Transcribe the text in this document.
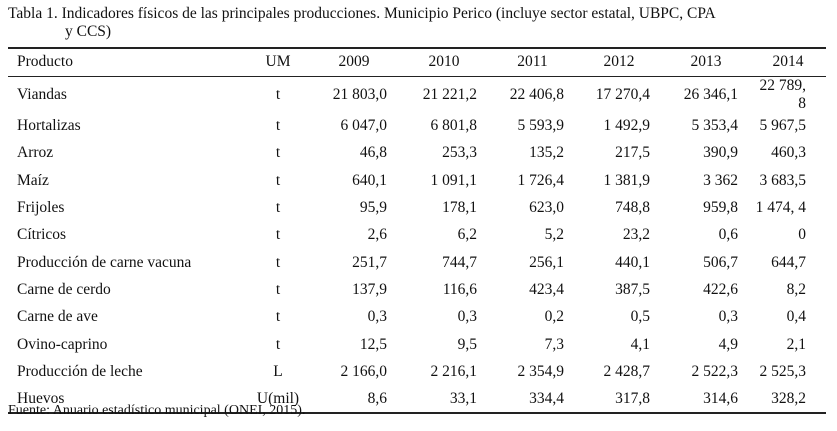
Tabla 1. Indicadores físicos de las principales producciones. Municipio Perico (incluye sector estatal, UBPC, CPA
y CCS)
Producto	UM	2009	2010	2011	2012	2013	2014
Viandas	t	21 803,0	21 221,2	22 406,8	17 270,4	26 346,1	22 789, 8
Hortalizas	t	6 047,0	6 801,8	5 593,9	1 492,9	5 353,4	5 967,5
Arroz	t	46,8	253,3	135,2	217,5	390,9	460,3
Maíz	t	640,1	1 091,1	1 726,4	1 381,9	3 362	3 683,5
Frijoles	t	95,9	178,1	623,0	748,8	959,8	1 474, 4
Cítricos	t	2,6	6,2	5,2	23,2	0,6	0
Producción de carne vacuna	t	251,7	744,7	256,1	440,1	506,7	644,7
Carne de cerdo	t	137,9	116,6	423,4	387,5	422,6	8,2
Carne de ave	t	0,3	0,3	0,2	0,5	0,3	0,4
Ovino-caprino	t	12,5	9,5	7,3	4,1	4,9	2,1
Producción de leche	L	2 166,0	2 216,1	2 354,9	2 428,7	2 522,3	2 525,3
Huevos	U(mil)	8,6	33,1	334,4	317,8	314,6	328,2
Fuente: Anuario estadístico municipal (ONEI, 2015).
